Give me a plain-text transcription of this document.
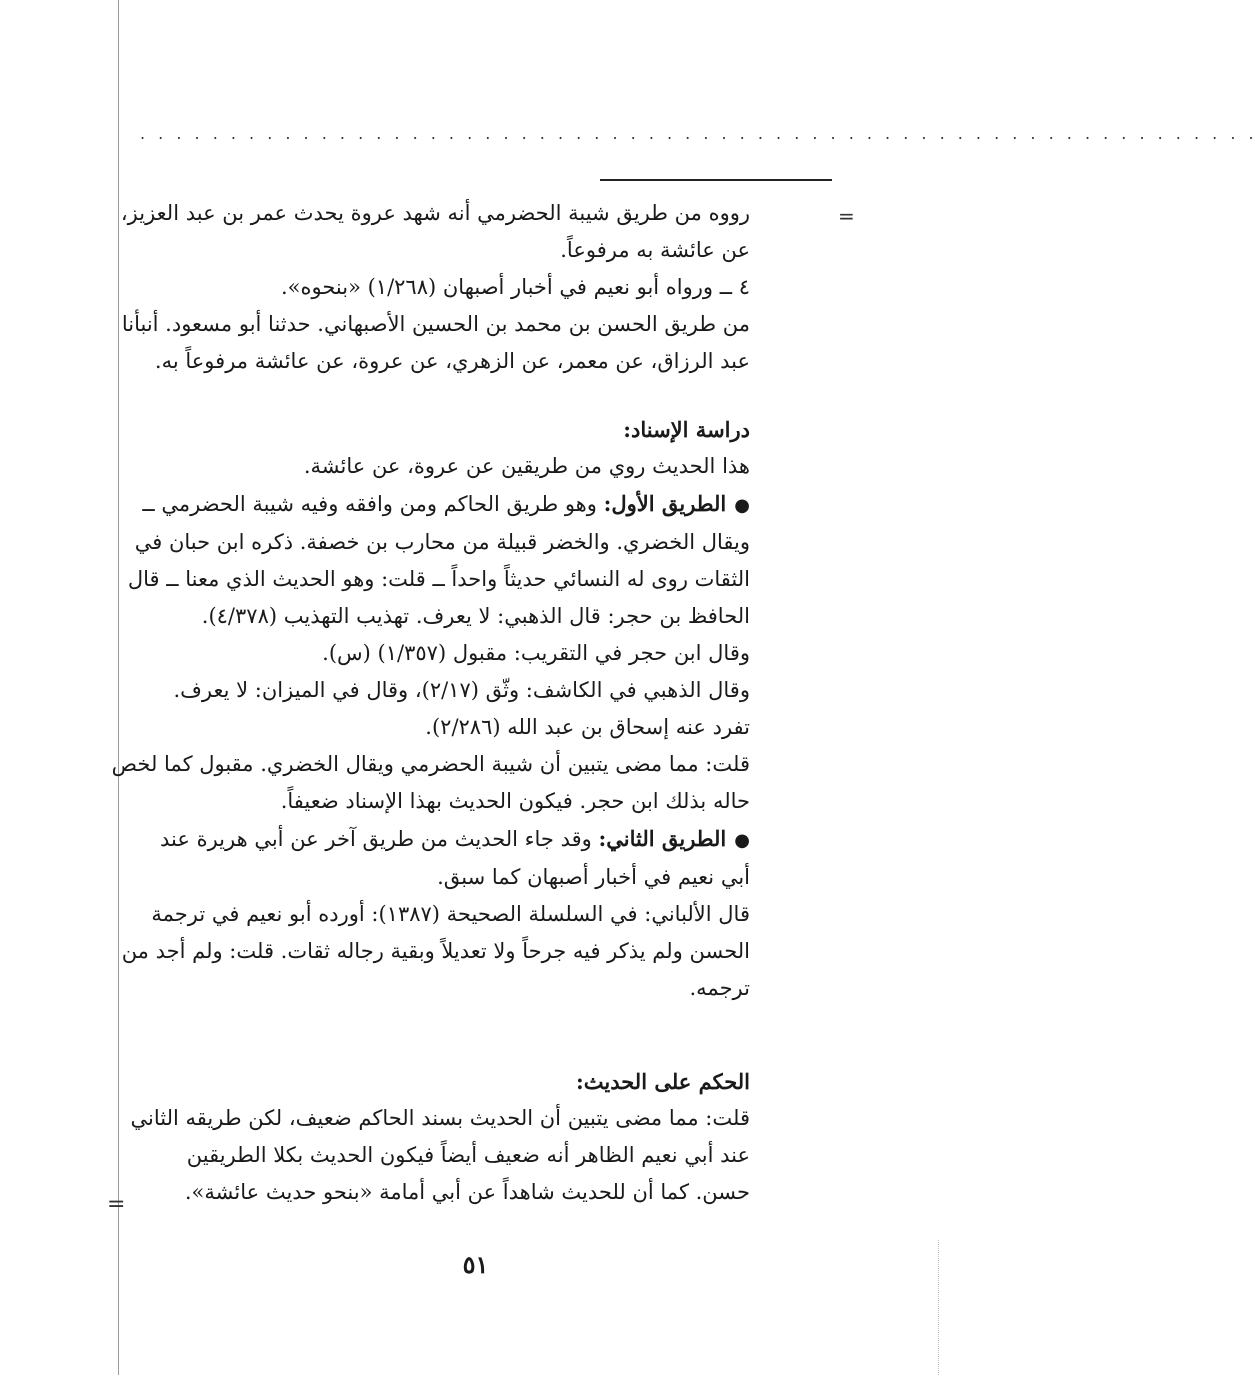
. . . . . . . . . . . . . . . . . . . . . . . . . . . . . . . . . . . . . . . . . . . . . . . . . . . . . . . . . . . . . .
=
=
رووه من طريق شيبة الحضرمي أنه شهد عروة يحدث عمر بن عبد العزيز،
عن عائشة به مرفوعاً.
٤ ــ ورواه أبو نعيم في أخبار أصبهان (١/٢٦٨) «بنحوه».
من طريق الحسن بن محمد بن الحسين الأصبهاني. حدثنا أبو مسعود. أنبأنا
عبد الرزاق، عن معمر، عن الزهري، عن عروة، عن عائشة مرفوعاً به.
دراسة الإسناد:
هذا الحديث روي من طريقين عن عروة، عن عائشة.
●الطريق الأول: وهو طريق الحاكم ومن وافقه وفيه شيبة الحضرمي ــ
ويقال الخضري. والخضر قبيلة من محارب بن خصفة. ذكره ابن حبان في
الثقات روى له النسائي حديثاً واحداً ــ قلت: وهو الحديث الذي معنا ــ قال
الحافظ بن حجر: قال الذهبي: لا يعرف. تهذيب التهذيب (٤/٣٧٨).
وقال ابن حجر في التقريب: مقبول (١/٣٥٧) (س).
وقال الذهبي في الكاشف: وثّق (٢/١٧)، وقال في الميزان: لا يعرف.
تفرد عنه إسحاق بن عبد الله (٢/٢٨٦).
قلت: مما مضى يتبين أن شيبة الحضرمي ويقال الخضري. مقبول كما لخص
حاله بذلك ابن حجر. فيكون الحديث بهذا الإسناد ضعيفاً.
●الطريق الثاني: وقد جاء الحديث من طريق آخر عن أبي هريرة عند
أبي نعيم في أخبار أصبهان كما سبق.
قال الألباني: في السلسلة الصحيحة (١٣٨٧): أورده أبو نعيم في ترجمة
الحسن ولم يذكر فيه جرحاً ولا تعديلاً وبقية رجاله ثقات. قلت: ولم أجد من
ترجمه.
الحكم على الحديث:
قلت: مما مضى يتبين أن الحديث بسند الحاكم ضعيف، لكن طريقه الثاني
عند أبي نعيم الظاهر أنه ضعيف أيضاً فيكون الحديث بكلا الطريقين
حسن. كما أن للحديث شاهداً عن أبي أمامة «بنحو حديث عائشة».
٥١
